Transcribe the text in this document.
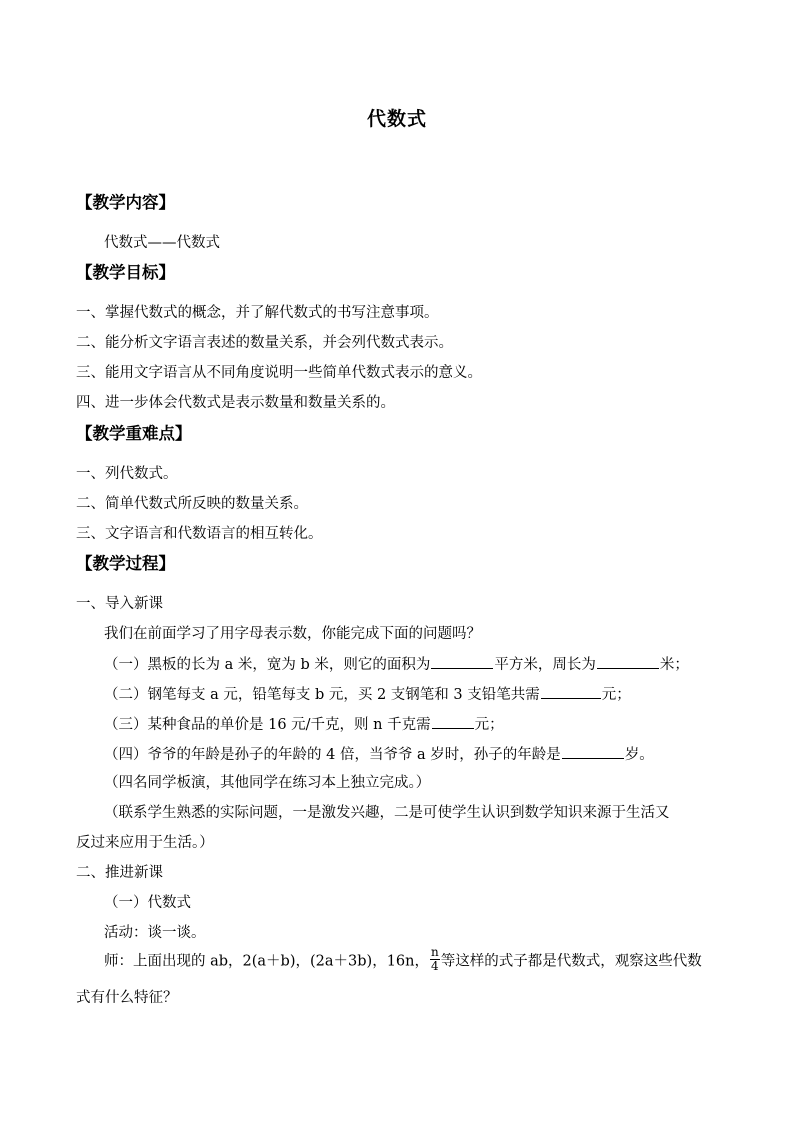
代数式
【教学内容】
代数式——代数式
【教学目标】
一、掌握代数式的概念，并了解代数式的书写注意事项。
二、能分析文字语言表述的数量关系，并会列代数式表示。
三、能用文字语言从不同角度说明一些简单代数式表示的意义。
四、进一步体会代数式是表示数量和数量关系的。
【教学重难点】
一、列代数式。
二、简单代数式所反映的数量关系。
三、文字语言和代数语言的相互转化。
【教学过程】
一、导入新课
我们在前面学习了用字母表示数，你能完成下面的问题吗？
（一）黑板的长为 a 米，宽为 b 米，则它的面积为	平方米，周长为	米；
（二）钢笔每支 a 元，铅笔每支 b 元，买 2 支钢笔和 3 支铅笔共需	元；
（三）某种食品的单价是 16 元/千克，则 n 千克需	元；
（四）爷爷的年龄是孙子的年龄的 4 倍，当爷爷 a 岁时，孙子的年龄是	岁。
（四名同学板演，其他同学在练习本上独立完成。）
（联系学生熟悉的实际问题，一是激发兴趣，二是可使学生认识到数学知识来源于生活又
反过来应用于生活。）
二、推进新课
（一）代数式
活动：谈一谈。
师：上面出现的 ab，2(a＋b)，(2a＋3b)，16n， $\frac{n}{4}$ 等这样的式子都是代数式，观察这些代数
式有什么特征？
